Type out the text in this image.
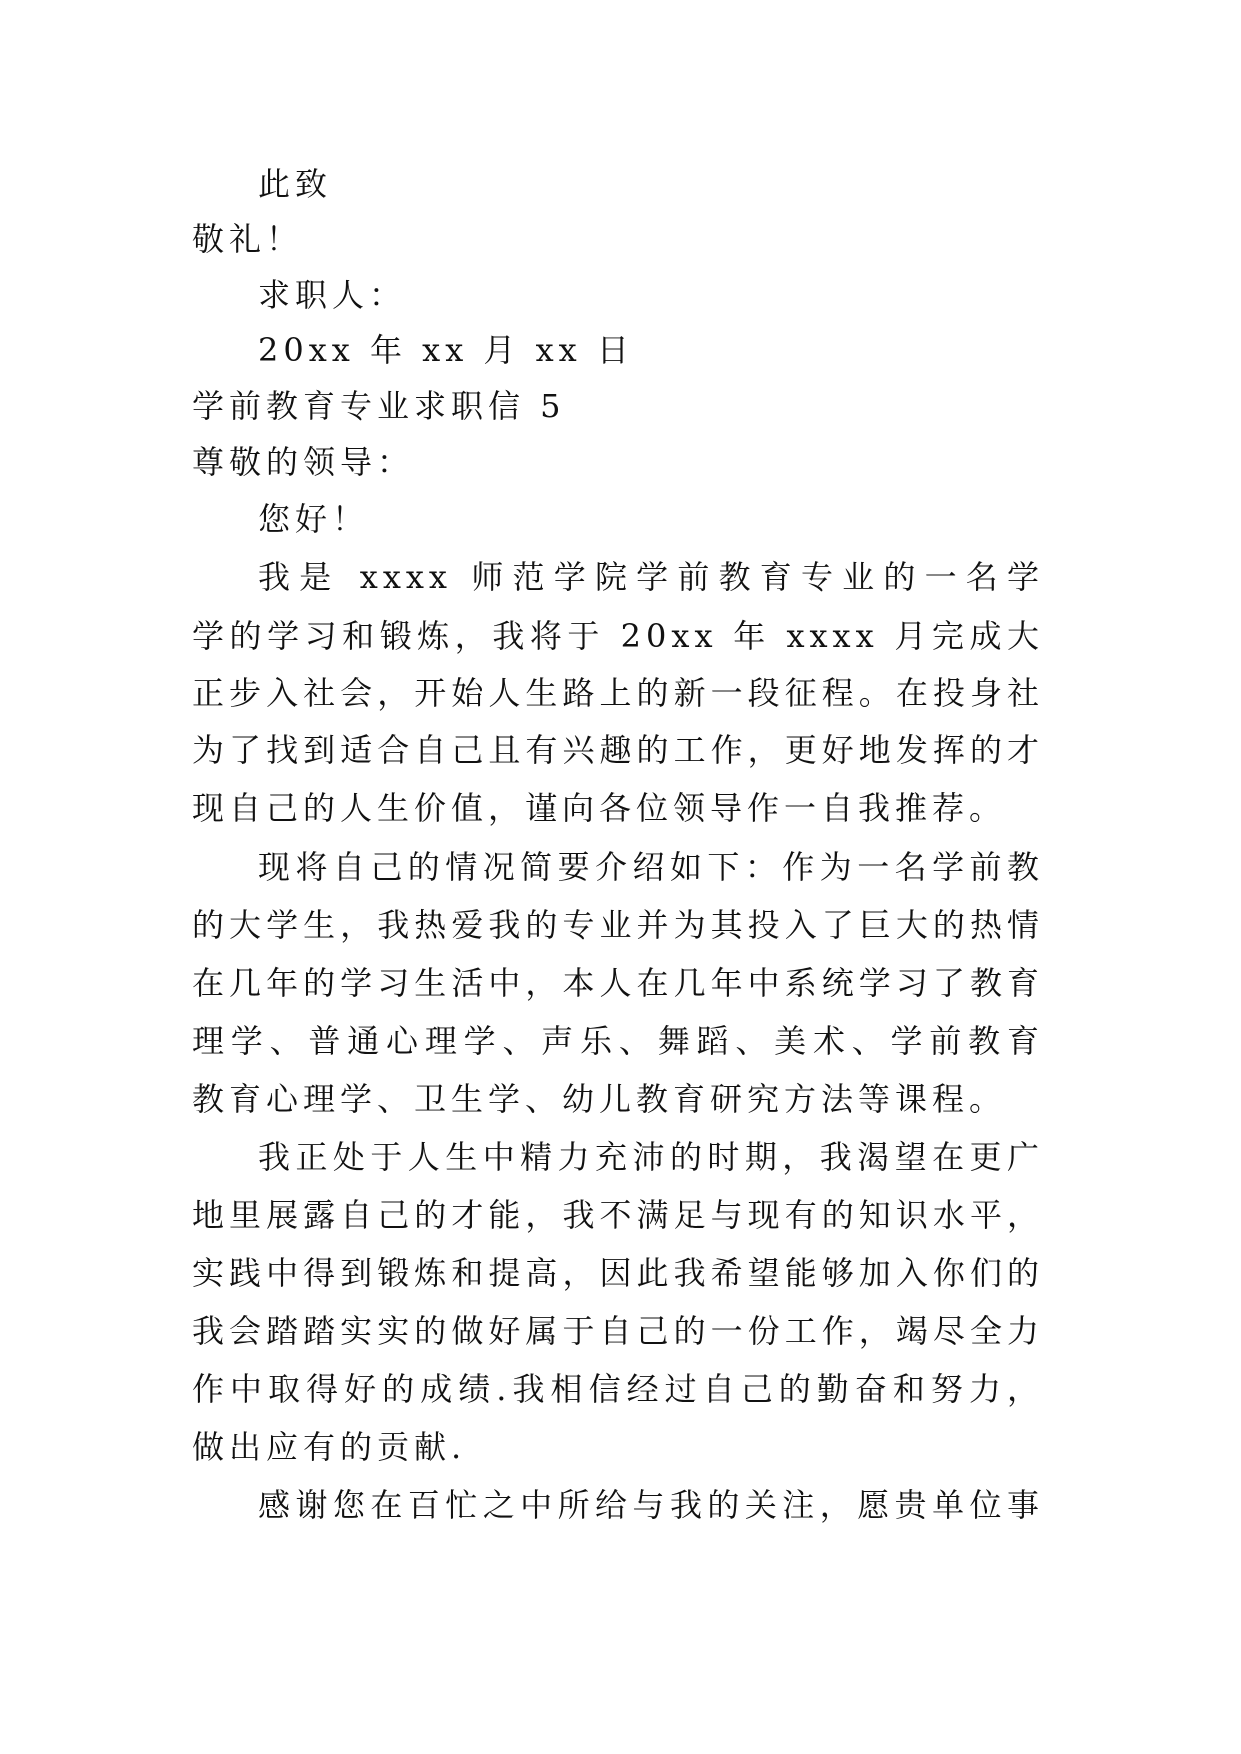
此致
敬礼！
求职人：
20xx 年 xx 月 xx 日
学前教育专业求职信 5
尊敬的领导：
您好！
我是 xxxx 师范学院学前教育专业的一名学
学的学习和锻炼，我将于 20xx 年 xxxx 月完成大
正步入社会，开始人生路上的新一段征程。在投身社
为了找到适合自己且有兴趣的工作，更好地发挥的才
现自己的人生价值，谨向各位领导作一自我推荐。
现将自己的情况简要介绍如下：作为一名学前教
的大学生，我热爱我的专业并为其投入了巨大的热情
在几年的学习生活中，本人在几年中系统学习了教育
理学、普通心理学、声乐、舞蹈、美术、学前教育
教育心理学、卫生学、幼儿教育研究方法等课程。
我正处于人生中精力充沛的时期，我渴望在更广
地里展露自己的才能，我不满足与现有的知识水平，
实践中得到锻炼和提高，因此我希望能够加入你们的
我会踏踏实实的做好属于自己的一份工作，竭尽全力
作中取得好的成绩.我相信经过自己的勤奋和努力，
做出应有的贡献.
感谢您在百忙之中所给与我的关注，愿贵单位事
